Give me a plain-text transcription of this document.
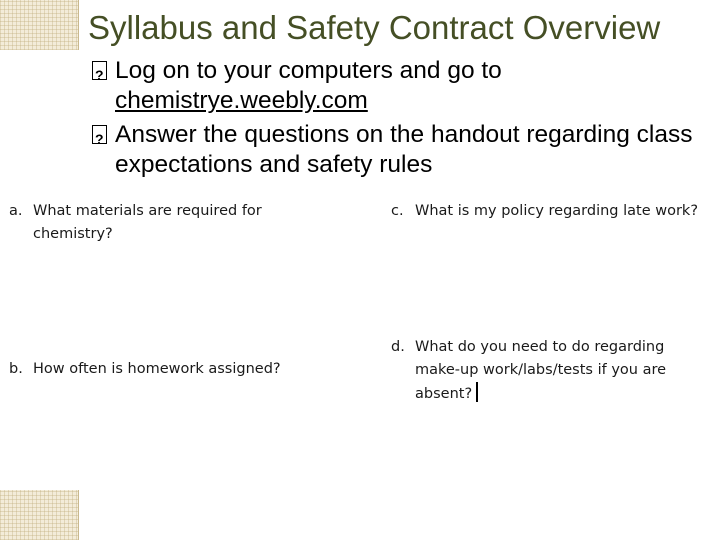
Syllabus and Safety Contract Overview
?
Log on to your computers and go to chemistrye.weebly.com
?
Answer the questions on the handout regarding class expectations and safety rules
a. What materials are required for chemistry?
b. How often is homework assigned?
c. What is my policy regarding late work?
d. What do you need to do regarding make-up work/labs/tests if you are absent?
